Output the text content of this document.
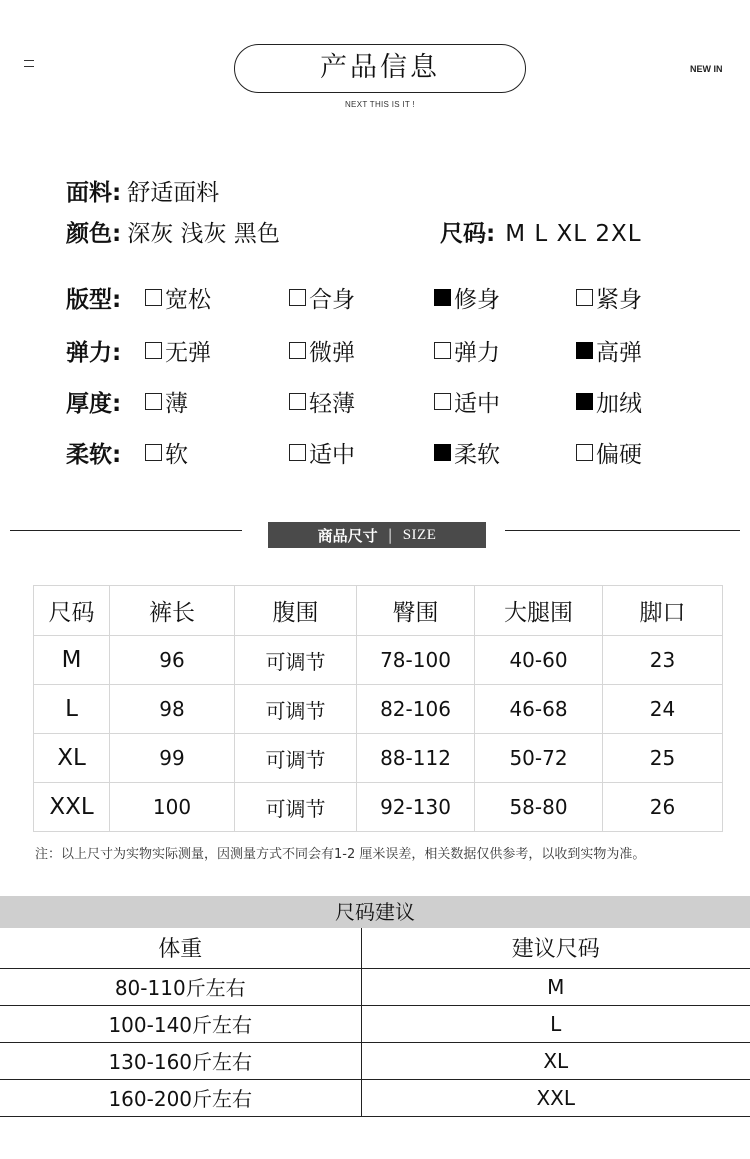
产品信息
NEXT THIS IS IT !
NEW IN
面料: 舒适面料
颜色: 深灰 浅灰 黑色	尺码: M L XL 2XL
版型: 宽松	合身	修身	紧身
弹力: 无弹	微弹	弹力	高弹
厚度: 薄	轻薄	适中	加绒
柔软: 软	适中	柔软	偏硬
商品尺寸 | SIZE
尺码	裤长	腹围	臀围	大腿围	脚口
M	96	可调节	78-100	40-60	23
L	98	可调节	82-106	46-68	24
XL	99	可调节	88-112	50-72	25
XXL	100	可调节	92-130	58-80	26
注：以上尺寸为实物实际测量，因测量方式不同会有1-2 厘米误差，相关数据仅供参考，以收到实物为准。
尺码建议
体重	建议尺码
80-110斤左右	M
100-140斤左右	L
130-160斤左右	XL
160-200斤左右	XXL
